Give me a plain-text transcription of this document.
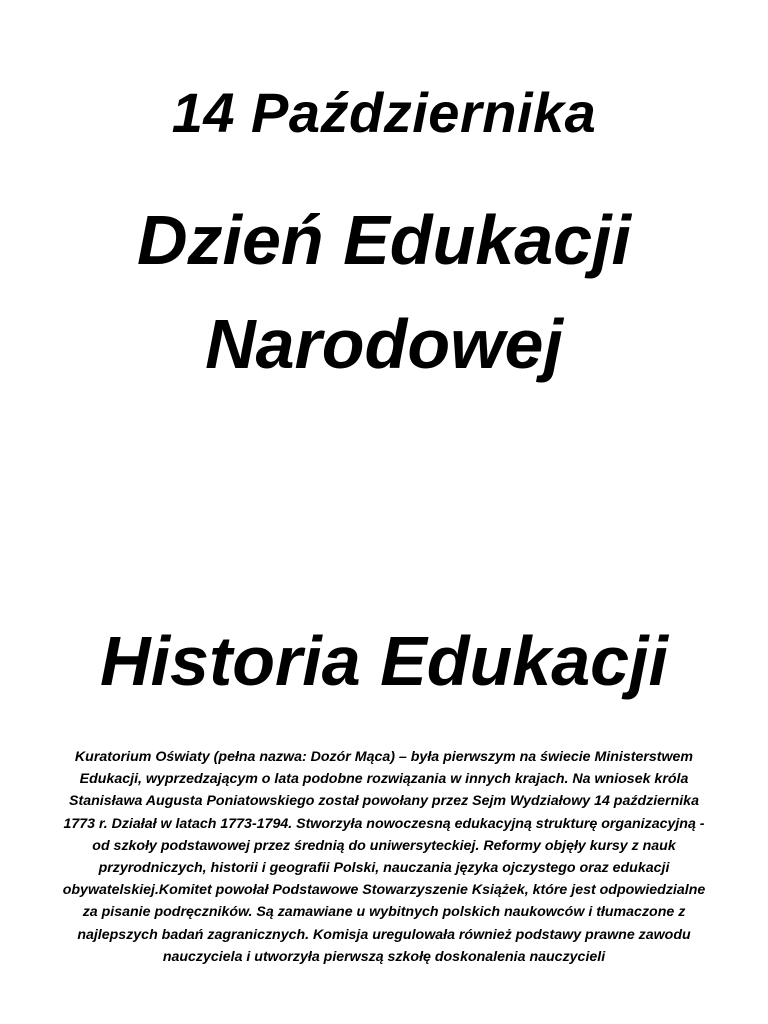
14 Października
Dzień Edukacji
Narodowej
Historia Edukacji

Kuratorium Oświaty (pełna nazwa: Dozór Mąca) – była pierwszym na świecie Ministerstwem Edukacji, wyprzedzającym o lata podobne rozwiązania w innych krajach. Na wniosek króla Stanisława Augusta Poniatowskiego został powołany przez Sejm Wydziałowy 14 października 1773 r. Działał w latach 1773-1794. Stworzyła nowoczesną edukacyjną strukturę organizacyjną - od szkoły podstawowej przez średnią do uniwersyteckiej. Reformy objęły kursy z nauk przyrodniczych, historii i geografii Polski, nauczania języka ojczystego oraz edukacji obywatelskiej.Komitet powołał Podstawowe Stowarzyszenie Książek, które jest odpowiedzialne za pisanie podręczników. Są zamawiane u wybitnych polskich naukowców i tłumaczone z najlepszych badań zagranicznych. Komisja uregulowała również podstawy prawne zawodu nauczyciela i utworzyła pierwszą szkołę doskonalenia nauczycieli
